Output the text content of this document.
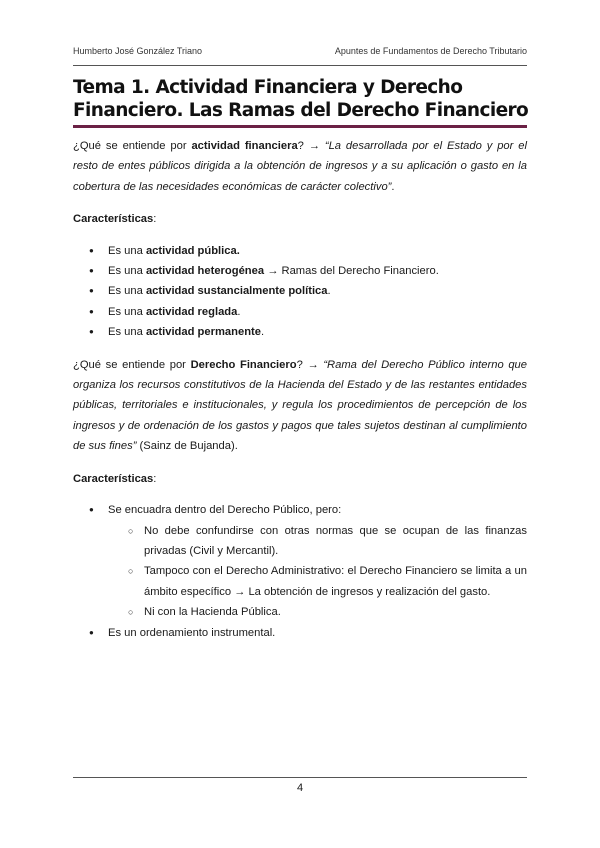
Humberto José González Triano	Apuntes de Fundamentos de Derecho Tributario
Tema 1. Actividad Financiera y Derecho
Financiero. Las Ramas del Derecho Financiero

¿Qué se entiende por actividad financiera? → “La desarrollada por el Estado y por el resto de entes públicos dirigida a la obtención de ingresos y a su aplicación o gasto en la cobertura de las necesidades económicas de carácter colectivo”.

Características:

● Es una actividad pública.
● Es una actividad heterogénea → Ramas del Derecho Financiero.
● Es una actividad sustancialmente política.
● Es una actividad reglada.
● Es una actividad permanente.

¿Qué se entiende por Derecho Financiero? → “Rama del Derecho Público interno que organiza los recursos constitutivos de la Hacienda del Estado y de las restantes entidades públicas, territoriales e institucionales, y regula los procedimientos de percepción de los ingresos y de ordenación de los gastos y pagos que tales sujetos destinan al cumplimiento de sus fines” (Sainz de Bujanda).

Características:

● Se encuadra dentro del Derecho Público, pero:
○ No debe confundirse con otras normas que se ocupan de las finanzas privadas (Civil y Mercantil).
○ Tampoco con el Derecho Administrativo: el Derecho Financiero se limita a un ámbito específico → La obtención de ingresos y realización del gasto.
○ Ni con la Hacienda Pública.
● Es un ordenamiento instrumental.
4
